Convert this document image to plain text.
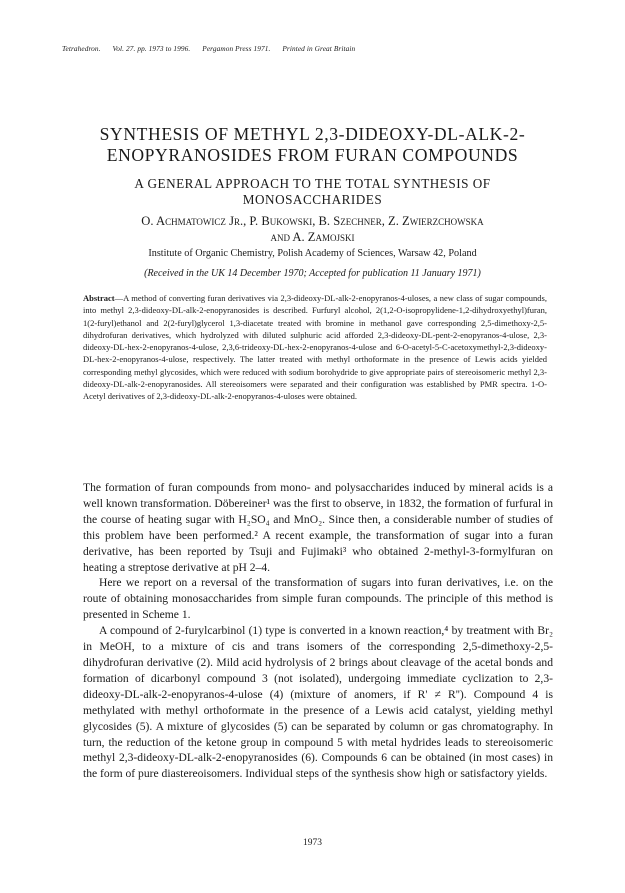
Tetrahedron. Vol. 27. pp. 1973 to 1996. Pergamon Press 1971. Printed in Great Britain
SYNTHESIS OF METHYL 2,3-DIDEOXY-DL-ALK-2-
ENOPYRANOSIDES FROM FURAN COMPOUNDS
A GENERAL APPROACH TO THE TOTAL SYNTHESIS OF
MONOSACCHARIDES
O. Achmatowicz Jr., P. Bukowski, B. Szechner, Z. Zwierzchowska
and A. Zamojski
Institute of Organic Chemistry, Polish Academy of Sciences, Warsaw 42, Poland
(Received in the UK 14 December 1970; Accepted for publication 11 January 1971)
Abstract—A method of converting furan derivatives via 2,3-dideoxy-DL-alk-2-enopyranos-4-uloses, a new class of sugar compounds, into methyl 2,3-dideoxy-DL-alk-2-enopyranosides is described. Furfuryl alcohol, 2(1,2-O-isopropylidene-1,2-dihydroxyethyl)furan, 1(2-furyl)ethanol and 2(2-furyl)glycerol 1,3-diacetate treated with bromine in methanol gave corresponding 2,5-dimethoxy-2,5-dihydrofuran derivatives, which hydrolyzed with diluted sulphuric acid afforded 2,3-dideoxy-DL-pent-2-enopyranos-4-ulose, 2,3-dideoxy-DL-hex-2-enopyranos-4-ulose, 2,3,6-trideoxy-DL-hex-2-enopyranos-4-ulose and 6-O-acetyl-5-C-acetoxymethyl-2,3-dideoxy-DL-hex-2-enopyranos-4-ulose, respectively. The latter treated with methyl orthoformate in the presence of Lewis acids yielded corresponding methyl glycosides, which were reduced with sodium borohydride to give appropriate pairs of stereoisomeric methyl 2,3-dideoxy-DL-alk-2-enopyranosides. All stereoisomers were separated and their configuration was established by PMR spectra. 1-O-Acetyl derivatives of 2,3-dideoxy-DL-alk-2-enopyranos-4-uloses were obtained.

The formation of furan compounds from mono- and polysaccharides induced by mineral acids is a well known transformation. Döbereiner¹ was the first to observe, in 1832, the formation of furfural in the course of heating sugar with H₂SO₄ and MnO₂. Since then, a considerable number of studies of this problem have been performed.² A recent example, the transformation of sugar into a furan derivative, has been reported by Tsuji and Fujimaki³ who obtained 2-methyl-3-formylfuran on heating a streptose derivative at pH 2–4.

Here we report on a reversal of the transformation of sugars into furan derivatives, i.e. on the route of obtaining monosaccharides from simple furan compounds. The principle of this method is presented in Scheme 1.

A compound of 2-furylcarbinol (1) type is converted in a known reaction,⁴ by treatment with Br₂ in MeOH, to a mixture of cis and trans isomers of the corresponding 2,5-dimethoxy-2,5-dihydrofuran derivative (2). Mild acid hydrolysis of 2 brings about cleavage of the acetal bonds and formation of dicarbonyl compound 3 (not isolated), undergoing immediate cyclization to 2,3-dideoxy-DL-alk-2-enopyranos-4-ulose (4) (mixture of anomers, if R' ≠ R''). Compound 4 is methylated with methyl orthoformate in the presence of a Lewis acid catalyst, yielding methyl glycosides (5). A mixture of glycosides (5) can be separated by column or gas chromatography. In turn, the reduction of the ketone group in compound 5 with metal hydrides leads to stereoisomeric methyl 2,3-dideoxy-DL-alk-2-enopyranosides (6). Compounds 6 can be obtained (in most cases) in the form of pure diastereoisomers. Individual steps of the synthesis show high or satisfactory yields.

1973
